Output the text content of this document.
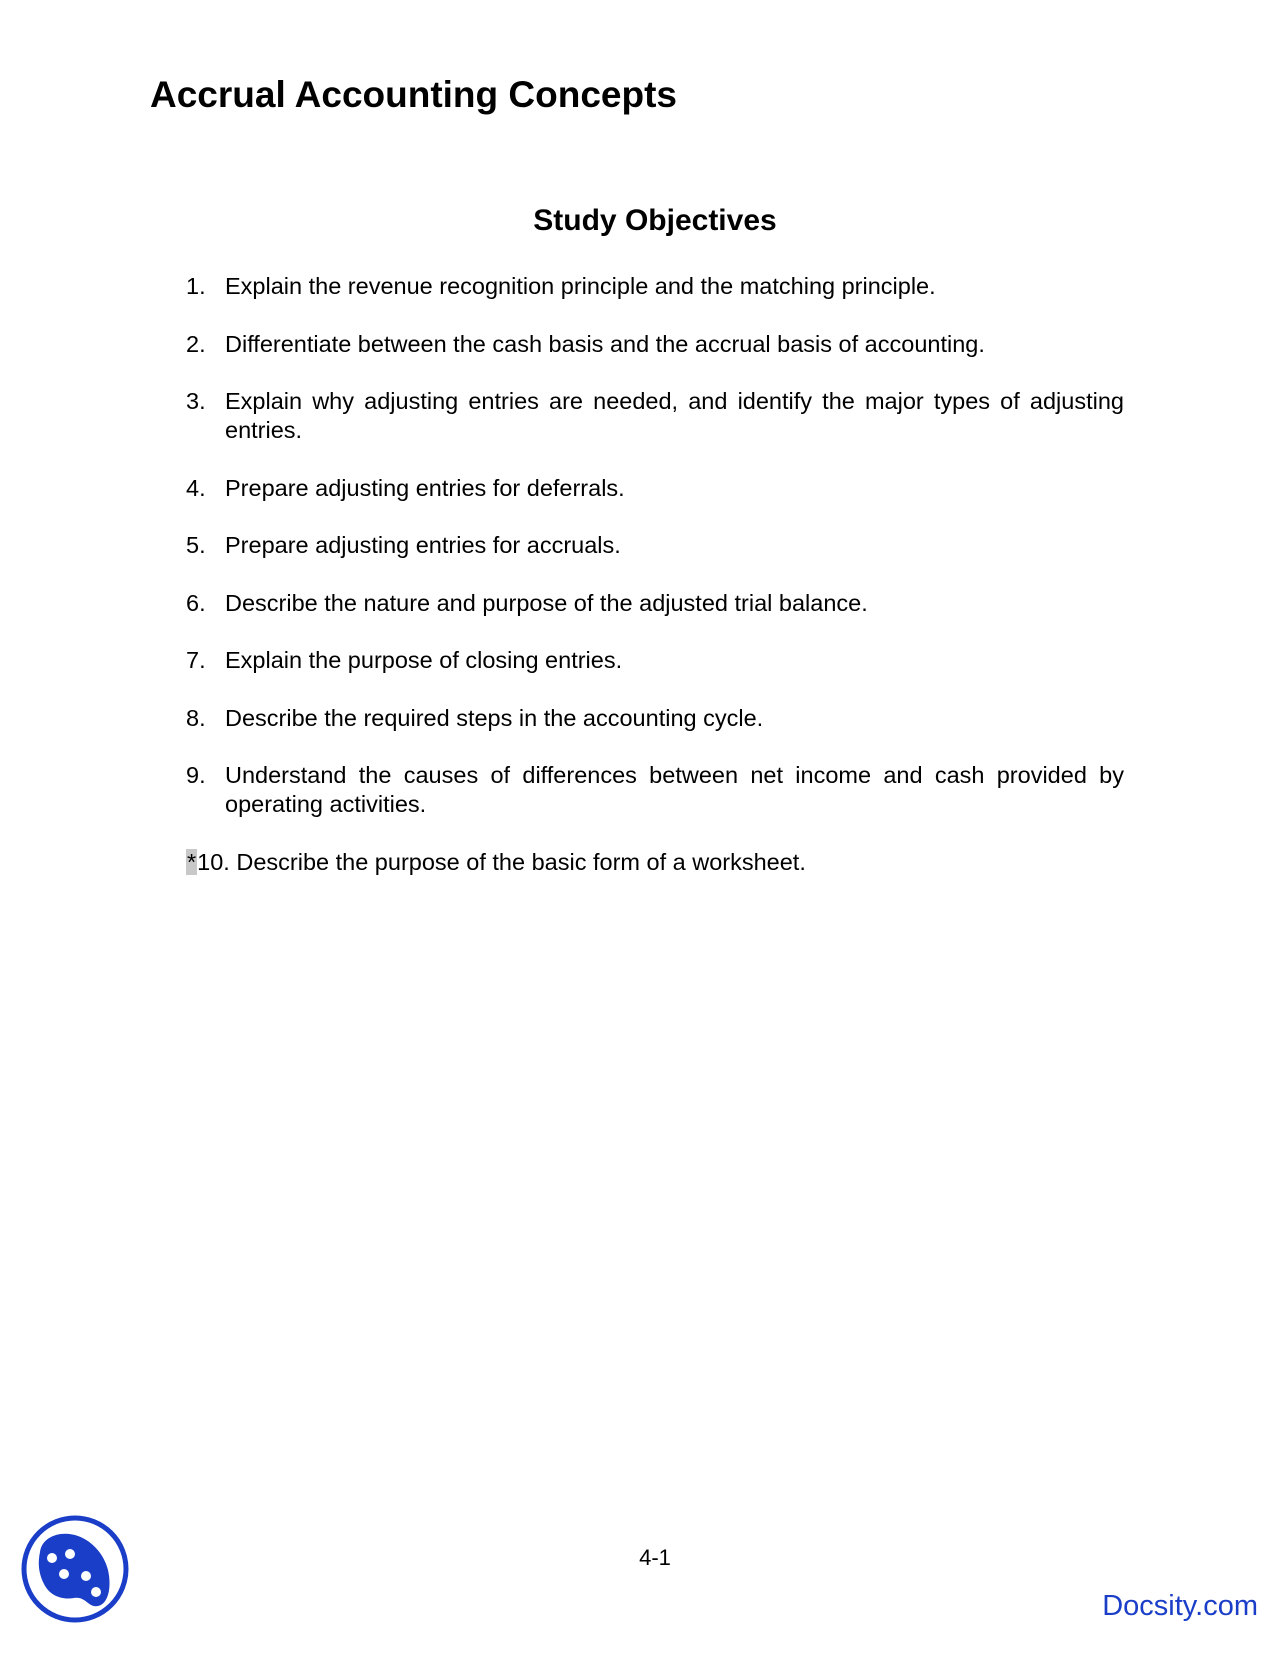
Accrual Accounting Concepts
Study Objectives
1. Explain the revenue recognition principle and the matching principle.
2. Differentiate between the cash basis and the accrual basis of accounting.
3. Explain why adjusting entries are needed, and identify the major types of adjusting entries.
4. Prepare adjusting entries for deferrals.
5. Prepare adjusting entries for accruals.
6. Describe the nature and purpose of the adjusted trial balance.
7. Explain the purpose of closing entries.
8. Describe the required steps in the accounting cycle.
9. Understand the causes of differences between net income and cash provided by operating activities.
*10. Describe the purpose of the basic form of a worksheet.
4-1
Docsity.com
